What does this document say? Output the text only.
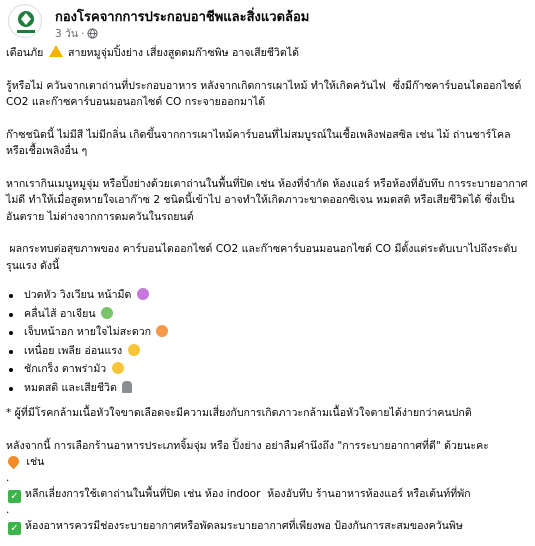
กองโรคจากการประกอบอาชีพและสิ่งแวดล้อม
3 วัน ·

เตือนภัย สายหมูจุ่มปิ้งย่าง เสี่ยงสูดดมก๊าซพิษ อาจเสียชีวิตได้

รู้หรือไม่ ควันจากเตาถ่านที่ประกอบอาหาร หลังจากเกิดการเผาไหม้ ทำให้เกิดควันไฟ  ซึ่งมีก๊าซคาร์บอนไดออกไซด์ CO2 และก๊าซคาร์บอนมอนอกไซด์ CO กระจายออกมาได้

ก๊าซชนิดนี้ ไม่มีสี ไม่มีกลิ่น เกิดขึ้นจากการเผาไหม้คาร์บอนที่ไม่สมบูรณ์ในเชื้อเพลิงฟอสซิล เช่น ไม้ ถ่านชาร์โคล หรือเชื้อเพลิงอื่น ๆ

หากเรากินเมนูหมูจุ่ม หรือปิ้งย่างด้วยเตาถ่านในพื้นที่ปิด เช่น ห้องที่จำกัด ห้องแอร์ หรือห้องที่อับทึบ การระบายอากาศไม่ดี ทำให้เมื่อสูดหายใจเอาก๊าซ 2 ชนิดนี้เข้าไป อาจทำให้เกิดภาวะขาดออกซิเจน หมดสติ หรือเสียชีวิตได้ ซึ่งเป็นอันตราย ไม่ต่างจากการดมควันในรถยนต์

ผลกระทบต่อสุขภาพของ คาร์บอนไดออกไซด์ CO2 และก๊าซคาร์บอนมอนอกไซด์ CO มีตั้งแต่ระดับเบาไปถึงระดับรุนแรง ดังนี้

ปวดหัว วิงเวียน หน้ามืด
คลื่นไส้ อาเจียน
เจ็บหน้าอก หายใจไม่สะดวก
เหนื่อย เพลีย อ่อนแรง
ชักเกร็ง ตาพร่ามัว
หมดสติ และเสียชีวิต

* ผู้ที่มีโรคกล้ามเนื้อหัวใจขาดเลือดจะมีความเสี่ยงกับการเกิดภาวะกล้ามเนื้อหัวใจตายได้ง่ายกว่าคนปกติ

หลังจากนี้ การเลือกร้านอาหารประเภทจิ้มจุ่ม หรือ ปิ้งย่าง อย่าลืมคำนึงถึง "การระบายอากาศที่ดี" ด้วยนะคะ
เช่น

.

✓ หลีกเลี่ยงการใช้เตาถ่านในพื้นที่ปิด เช่น ห้อง indoor  ห้องอับทึบ ร้านอาหารห้องแอร์ หรือเต้นท์ที่พัก

.

✓ ห้องอาหารควรมีช่องระบายอากาศหรือพัดลมระบายอากาศที่เพียงพอ ป้องกันการสะสมของควันพิษ
